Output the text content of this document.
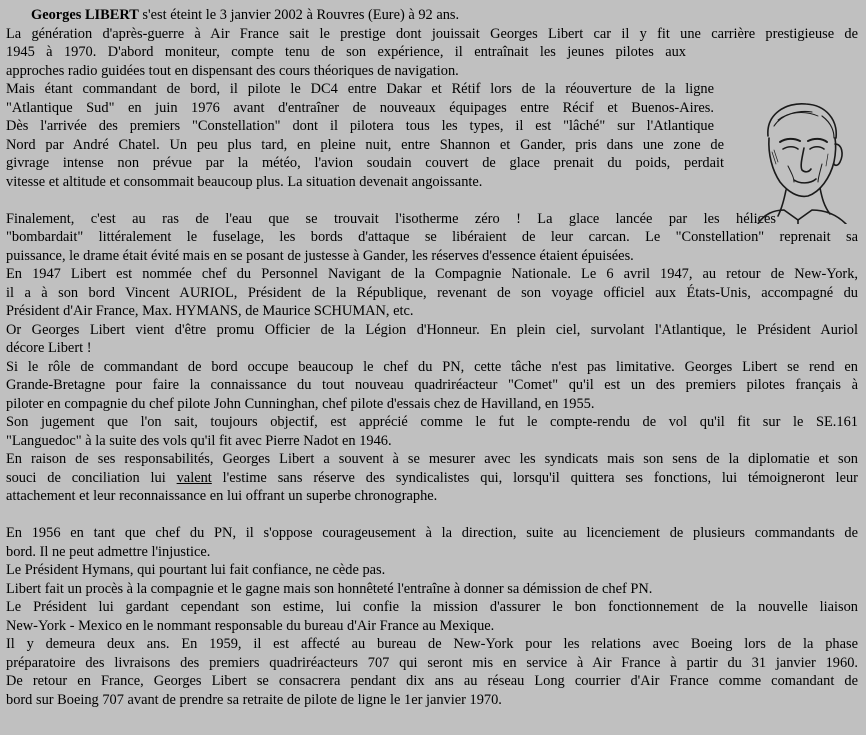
Georges LIBERT s'est éteint le 3 janvier 2002 à Rouvres (Eure) à 92 ans.
La génération d'après-guerre à Air France sait le prestige dont jouissait Georges Libert car il y fit une carrière prestigieuse de
1945 à 1970. D'abord moniteur, compte tenu de son expérience, il entraînait les jeunes pilotes aux
approches radio guidées tout en dispensant des cours théoriques de navigation.
Mais étant commandant de bord, il pilote le DC4 entre Dakar et Rétif lors de la réouverture de la ligne
"Atlantique Sud" en juin 1976 avant d'entraîner de nouveaux équipages entre Récif et Buenos-Aires.
Dès l'arrivée des premiers "Constellation" dont il pilotera tous les types, il est "lâché" sur l'Atlantique
Nord par André Chatel. Un peu plus tard, en pleine nuit, entre Shannon et Gander, pris dans une zone de
givrage intense non prévue par la météo, l'avion soudain couvert de glace prenait du poids, perdait
vitesse et altitude et consommait beaucoup plus. La situation devenait angoissante.
Finalement, c'est au ras de l'eau que se trouvait l'isotherme zéro ! La glace lancée par les hélices
"bombardait" littéralement le fuselage, les bords d'attaque se libéraient de leur carcan. Le "Constellation" reprenait sa
puissance, le drame était évité mais en se posant de justesse à Gander, les réserves d'essence étaient épuisées.
En 1947 Libert est nommée chef du Personnel Navigant de la Compagnie Nationale. Le 6 avril 1947, au retour de New-York,
il a à son bord Vincent AURIOL, Président de la République, revenant de son voyage officiel aux États-Unis, accompagné du
Président d'Air France, Max. HYMANS, de Maurice SCHUMAN, etc.
Or Georges Libert vient d'être promu Officier de la Légion d'Honneur. En plein ciel, survolant l'Atlantique, le Président Auriol
décore Libert !
Si le rôle de commandant de bord occupe beaucoup le chef du PN, cette tâche n'est pas limitative. Georges Libert se rend en
Grande-Bretagne pour faire la connaissance du tout nouveau quadriréacteur "Comet" qu'il est un des premiers pilotes français à
piloter en compagnie du chef pilote John Cunninghan, chef pilote d'essais chez de Havilland, en 1955.
Son jugement que l'on sait, toujours objectif, est apprécié comme le fut le compte-rendu de vol qu'il fit sur le SE.161
"Languedoc" à la suite des vols qu'il fit avec Pierre Nadot en 1946.
En raison de ses responsabilités, Georges Libert a souvent à se mesurer avec les syndicats mais son sens de la diplomatie et son
souci de conciliation lui valent l'estime sans réserve des syndicalistes qui, lorsqu'il quittera ses fonctions, lui témoigneront leur
attachement et leur reconnaissance en lui offrant un superbe chronographe.
En 1956 en tant que chef du PN, il s'oppose courageusement à la direction, suite au licenciement de plusieurs commandants de
bord. Il ne peut admettre l'injustice.
Le Président Hymans, qui pourtant lui fait confiance, ne cède pas.
Libert fait un procès à la compagnie et le gagne mais son honnêteté l'entraîne à donner sa démission de chef PN.
Le Président lui gardant cependant son estime, lui confie la mission d'assurer le bon fonctionnement de la nouvelle liaison
New-York - Mexico en le nommant responsable du bureau d'Air France au Mexique.
Il y demeura deux ans. En 1959, il est affecté au bureau de New-York pour les relations avec Boeing lors de la phase
préparatoire des livraisons des premiers quadriréacteurs 707 qui seront mis en service à Air France à partir du 31 janvier 1960.
De retour en France, Georges Libert se consacrera pendant dix ans au réseau Long courrier d'Air France comme comandant de
bord sur Boeing 707 avant de prendre sa retraite de pilote de ligne le 1er janvier 1970.
